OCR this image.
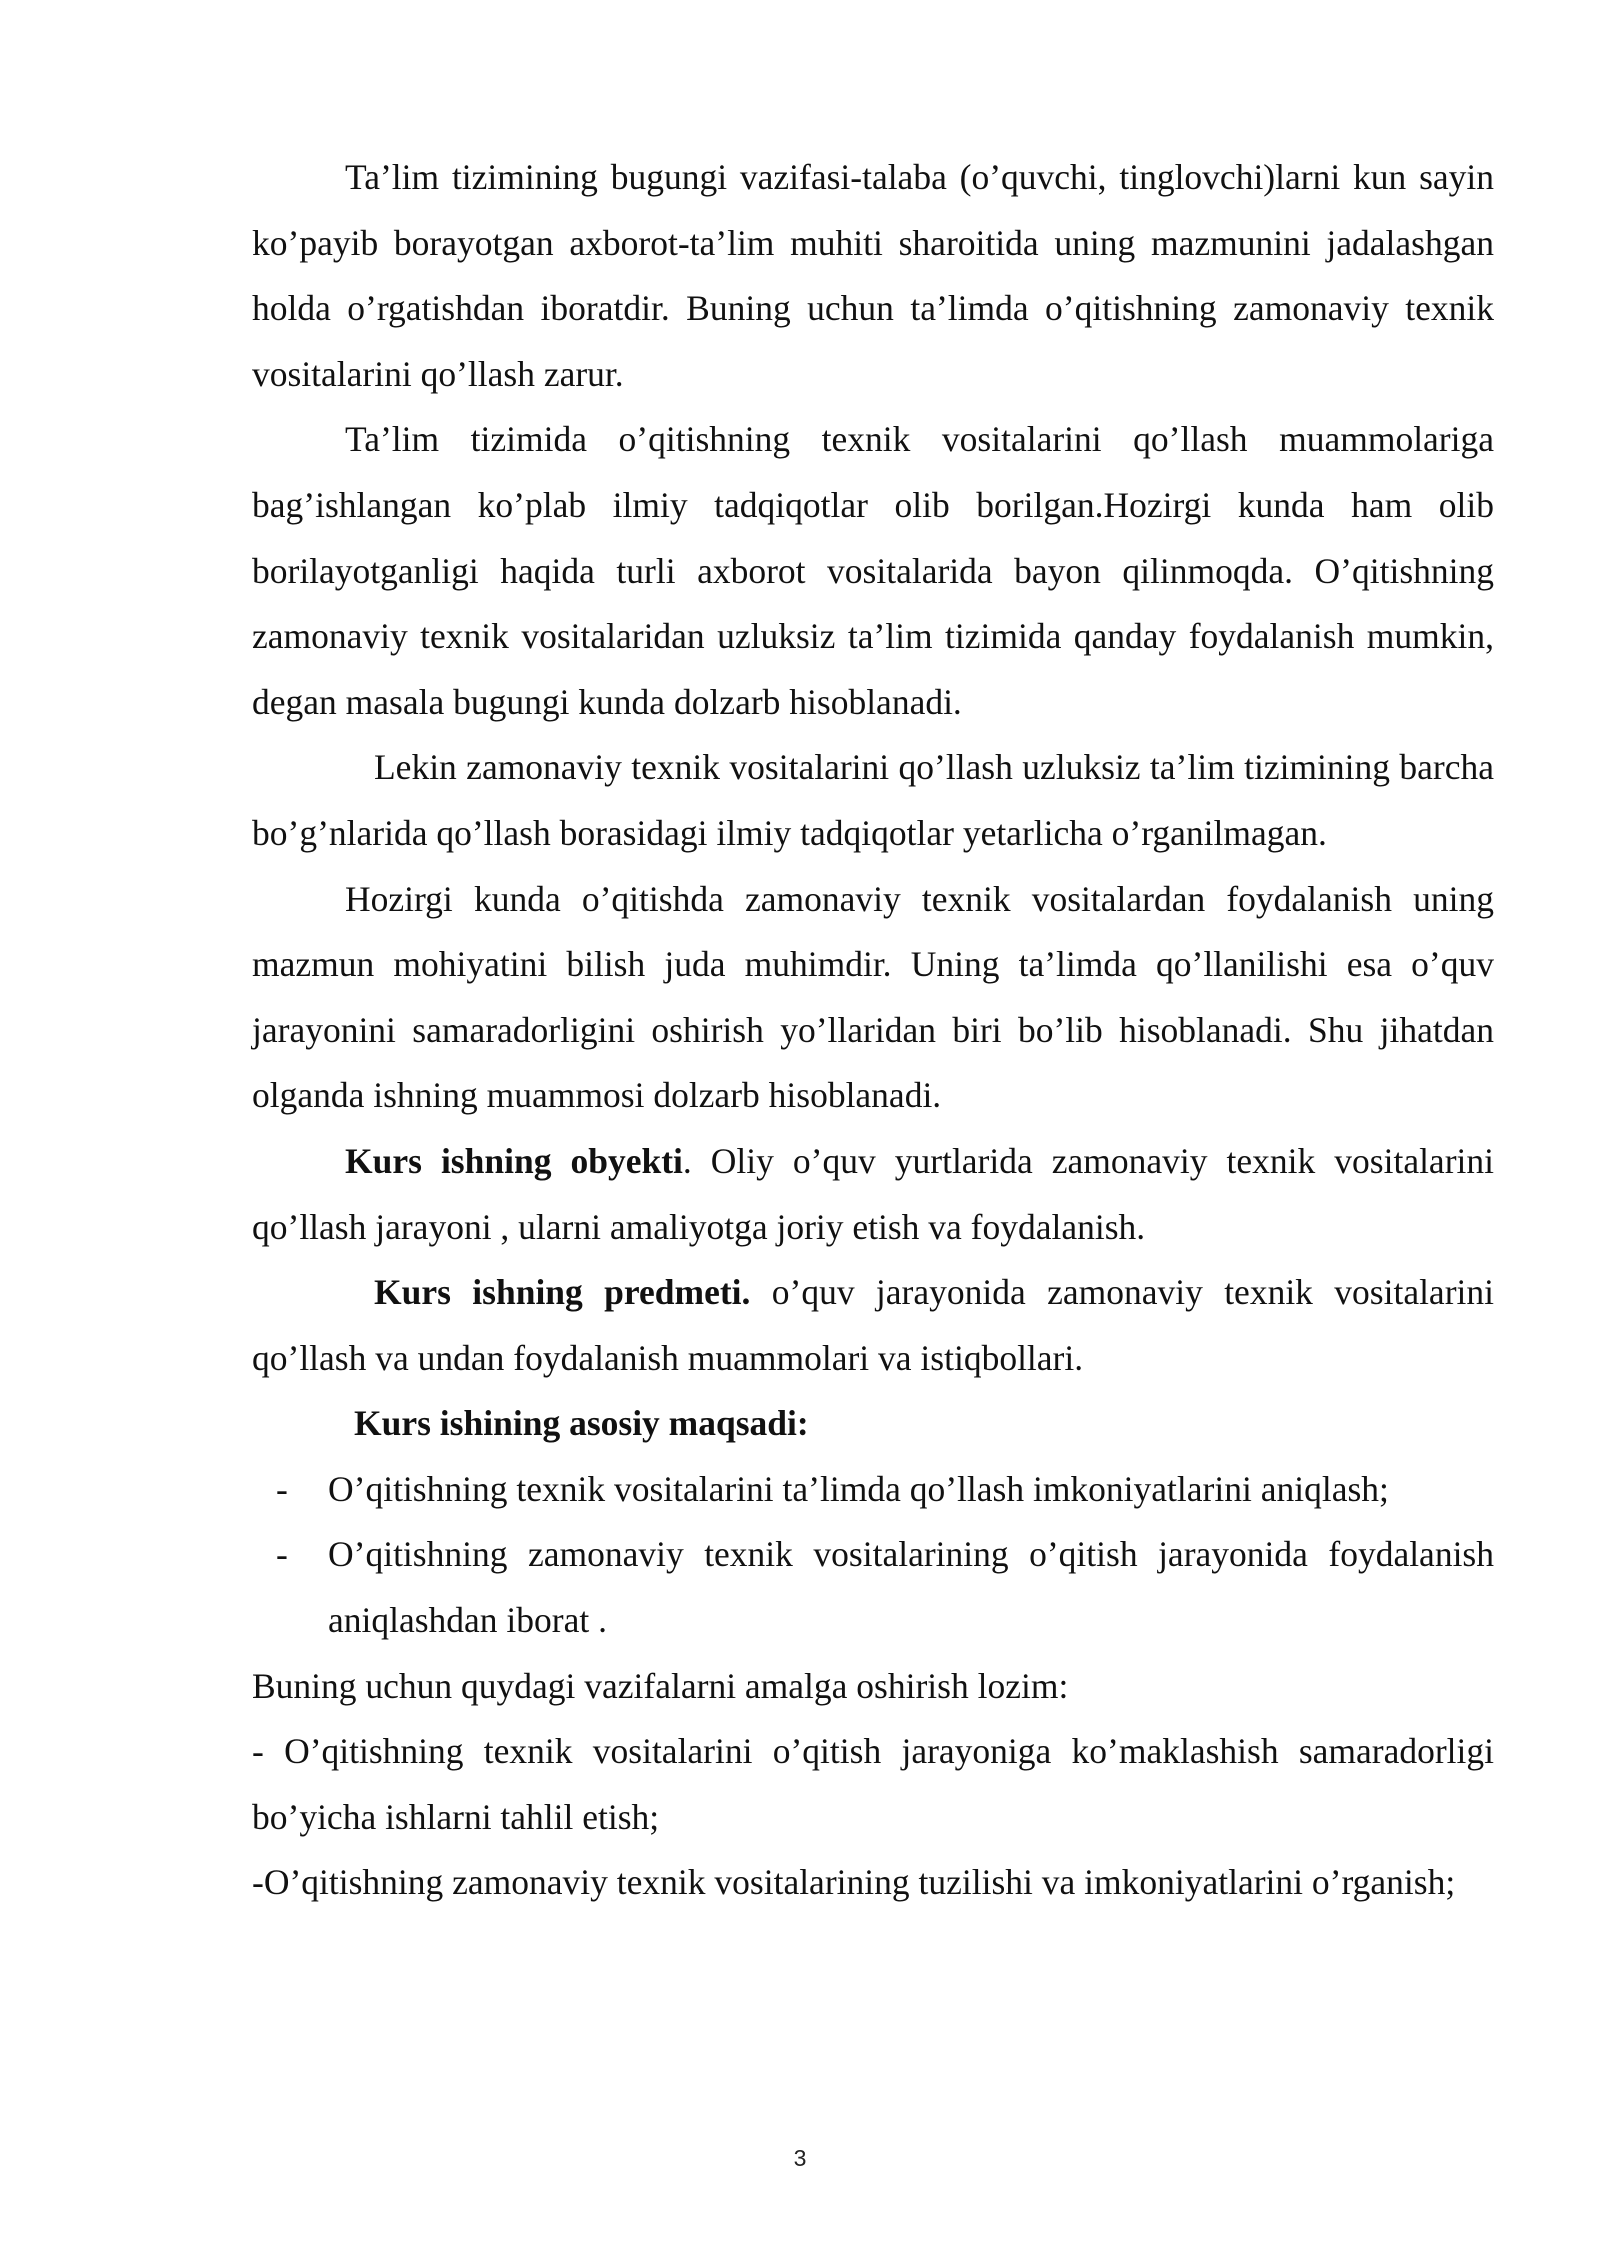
Ta’lim tizimining bugungi vazifasi-talaba (o’quvchi, tinglovchi)larni kun sayin ko’payib borayotgan axborot-ta’lim muhiti sharoitida uning mazmunini jadalashgan holda o’rgatishdan iboratdir. Buning uchun ta’limda o’qitishning zamonaviy texnik vositalarini qo’llash zarur.

Ta’lim tizimida o’qitishning texnik vositalarini qo’llash muammolariga bag’ishlangan ko’plab ilmiy tadqiqotlar olib borilgan.Hozirgi kunda ham olib borilayotganligi haqida turli axborot vositalarida bayon qilinmoqda. O’qitishning zamonaviy texnik vositalaridan uzluksiz ta’lim tizimida qanday foydalanish mumkin, degan masala bugungi kunda dolzarb hisoblanadi.

Lekin zamonaviy texnik vositalarini qo’llash uzluksiz ta’lim tizimining barcha bo’g’nlarida qo’llash borasidagi ilmiy tadqiqotlar yetarlicha o’rganilmagan.

Hozirgi kunda o’qitishda zamonaviy texnik vositalardan foydalanish uning mazmun mohiyatini bilish juda muhimdir. Uning ta’limda qo’llanilishi esa o’quv jarayonini samaradorligini oshirish yo’llaridan biri bo’lib hisoblanadi. Shu jihatdan olganda ishning muammosi dolzarb hisoblanadi.

Kurs ishning obyekti. Oliy o’quv yurtlarida zamonaviy texnik vositalarini qo’llash jarayoni , ularni amaliyotga joriy etish va foydalanish.

Kurs ishning predmeti. o’quv jarayonida zamonaviy texnik vositalarini qo’llash va undan foydalanish muammolari va istiqbollari.

Kurs ishining asosiy maqsadi:

- O’qitishning texnik vositalarini ta’limda qo’llash imkoniyatlarini aniqlash;
- O’qitishning zamonaviy texnik vositalarining o’qitish jarayonida foydalanish aniqlashdan iborat .

Buning uchun quydagi vazifalarni amalga oshirish lozim:

- O’qitishning texnik vositalarini o’qitish jarayoniga ko’maklashish samaradorligi bo’yicha ishlarni tahlil etish;

-O’qitishning zamonaviy texnik vositalarining tuzilishi va imkoniyatlarini o’rganish;

3
